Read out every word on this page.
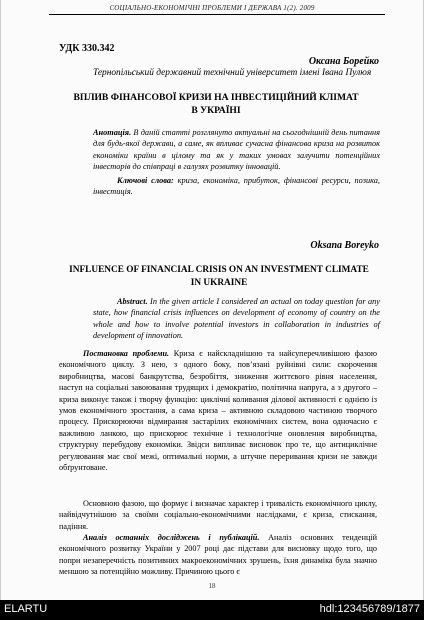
СОЦІАЛЬНО-ЕКОНОМІЧНІ ПРОБЛЕМИ І ДЕРЖАВА 1(2). 2009
УДК 330.342
Оксана Борейко
Тернопільський державний технічний університет імені Івана Пулюя
ВПЛИВ ФІНАНСОВОЇ КРИЗИ НА ІНВЕСТИЦІЙНИЙ КЛІМАТ В УКРАЇНІ
Анотація. В даній статті розглянуто актуальні на сьогоднішній день питання для будь-якої держави, а саме, як впливає сучасна фінансова криза на розвиток економіки країни в цілому та як у таких умовах залучити потенційних інвесторів до співпраці в галузях розвитку інновацій.
Ключові слова: криза, економіка, прибуток, фінансові ресурси, позика, інвестиція.
Oksana Boreyko
INFLUENCE OF FINANCIAL CRISIS ON AN INVESTMENT CLIMATE IN UKRAINE
Abstract. In the given article I considered an actual on today question for any state, how financial crisis influences on development of economy of country on the whole and how to involve potential investors in collaboration in industries of development of innovation.
Постановка проблеми. Криза є найскладнішою та найсуперечливішою фазою економічного циклу. З нею, з одного боку, пов’язані руйнівні сили: скорочення виробництва, масові банкрутства, безробіття, зниження життєвого рівня населення, наступ на соціальні завоювання трудящих і демократію, політична напруга, а з другого – криза виконує також і творчу функцію: циклічні коливання ділової активності є однією із умов економічного зростання, а сама криза – активною складовою частиною творчого процесу. Прискорюючи відмирання застарілих економічних систем, вона одночасно є важливою ланкою, що прискорює технічне і технологічне оновлення виробництва, структурну перебудову економіки. Звідси випливає висновок про те, що антициклічне регулювання має свої межі, оптимальні норми, а штучне переривання кризи не завжди обґрунтоване.
Основною фазою, що формує і визначає характер і тривалість економічного циклу, найвідчутнішою за своїми соціально-економічними наслідками, є криза, стискання, падіння.
Аналіз останніх досліджень і публікацій. Аналіз основних тенденцій економічного розвитку України у 2007 році дає підстави для висновку щодо того, що попри незаперечність позитивних макроекономічних зрушень, їхня динаміка була значно меншою за потенційно можливу. Причиною цього є
18
ELARTU	hdl:123456789/1877
